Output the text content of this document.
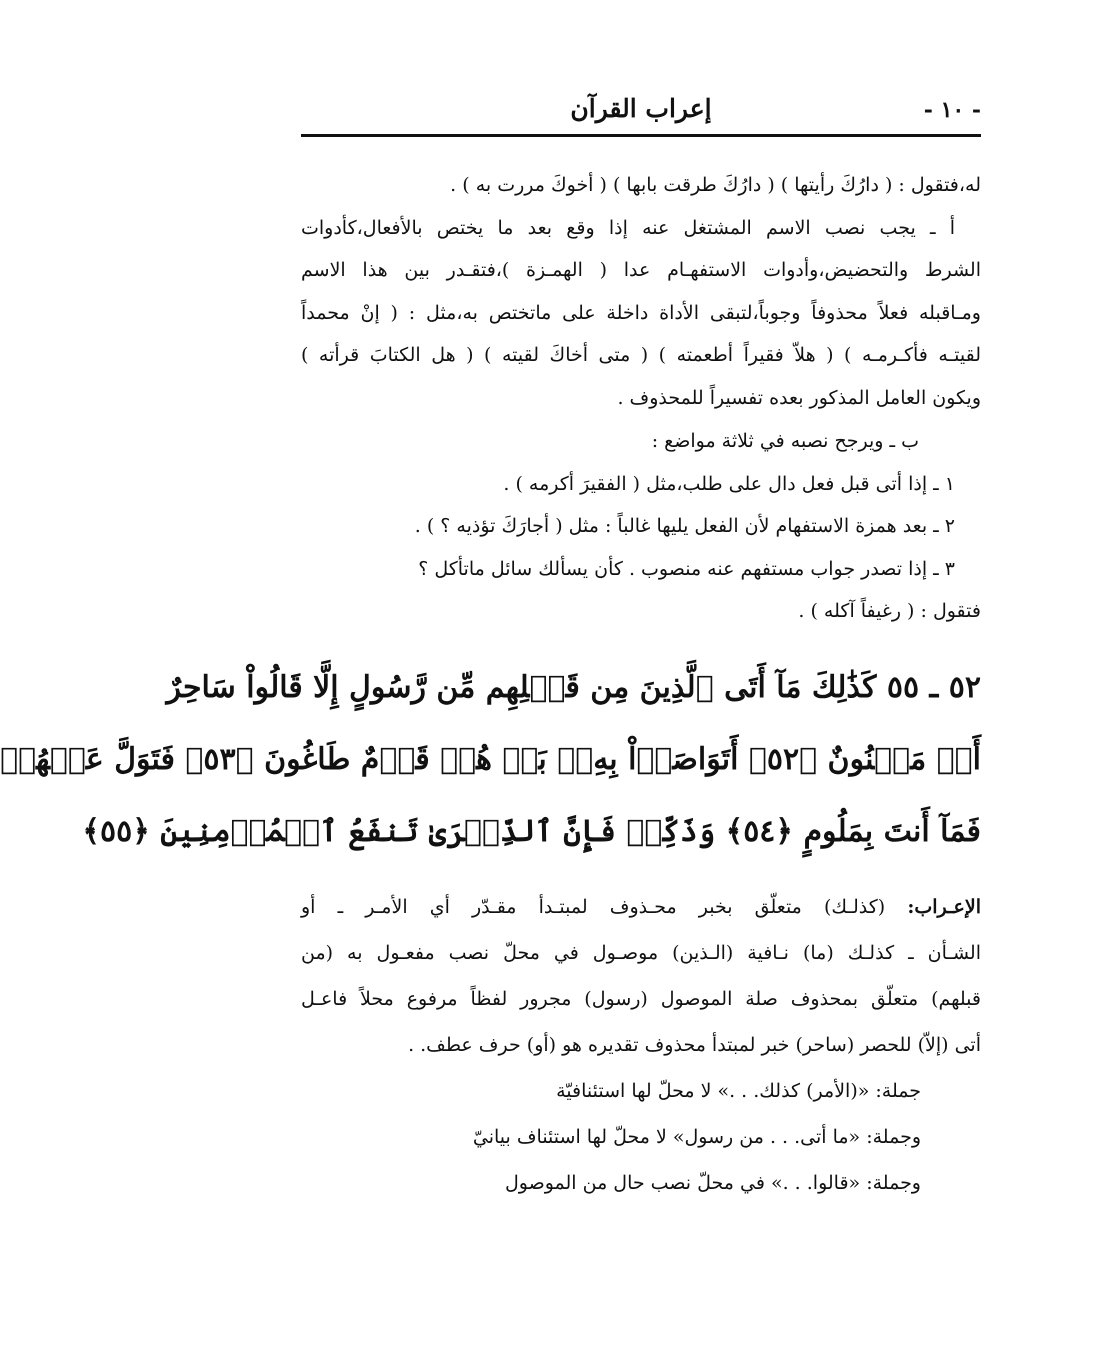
إعراب القرآن	- ١٠ -
له،فتقول : ( دارُكَ رأيتها ) ( دارُكَ طرقت بابها ) ( أخوكَ مررت به ) .
أ ـ يجب نصب الاسم المشتغل عنه إذا وقع بعد ما يختص بالأفعال،كأدوات
الشرط والتحضيض،وأدوات الاستفهـام عدا ( الهمـزة )،فتقـدر بين هذا الاسم
ومـاقبله فعلاً محذوفاً وجوباً،لتبقى الأداة داخلة على ماتختص به،مثل : ( إنْ محمداً
لقيتـه فأكـرمـه ) ( هلاّ فقيراً أطعمته ) ( متى أخاكَ لقيته ) ( هل الكتابَ قرأته )
ويكون العامل المذكور بعده تفسيراً للمحذوف .
ب ـ ويرجح نصبه في ثلاثة مواضع :
١ ـ إذا أتى قبل فعل دال على طلب،مثل ( الفقيرَ أكرمه ) .
٢ ـ بعد همزة الاستفهام لأن الفعل يليها غالباً : مثل ( أجارَكَ تؤذيه ؟ ) .
٣ ـ إذا تصدر جواب مستفهم عنه منصوب . كأن يسألك سائل ماتأكل ؟
فتقول : ( رغيفاً آكله ) .
٥٢ ـ ٥٥ كَذَٰلِكَ مَآ أَتَى ٱلَّذِينَ مِن قَبۡلِهِم مِّن رَّسُولٍ إِلَّا قَالُواْ سَاحِرٌ
أَوۡ مَجۡنُونٌ ﴿٥٢﴾ أَتَوَاصَوۡاْ بِهِۦۚ بَلۡ هُمۡ قَوۡمٌ طَاغُونَ ﴿٥٣﴾ فَتَوَلَّ عَنۡهُمۡ
فَمَآ أَنتَ بِمَلُومٍ ﴿٥٤﴾ وَذَكِّرۡ فَإِنَّ ٱلذِّكۡرَىٰ تَنفَعُ ٱلۡمُؤۡمِنِينَ ﴿٥٥﴾
الإعـراب: (كذلـك) متعلّق بخبر محـذوف لمبتـدأ مقـدّر أي الأمـر ـ أو
الشـأن ـ كذلـك (ما) نـافية (الـذين) موصـول في محلّ نصب مفعـول به (من
قبلهم) متعلّق بمحذوف صلة الموصول (رسول) مجرور لفظاً مرفوع محلاً فاعـل
أتى (إلاّ) للحصر (ساحر) خبر لمبتدأ محذوف تقديره هو (أو) حرف عطف. .
جملة: «(الأمر) كذلك. . .» لا محلّ لها استئنافيّة
وجملة: «ما أتى. . . من رسول» لا محلّ لها استئناف بيانيّ
وجملة: «قالوا. . .» في محلّ نصب حال من الموصول
